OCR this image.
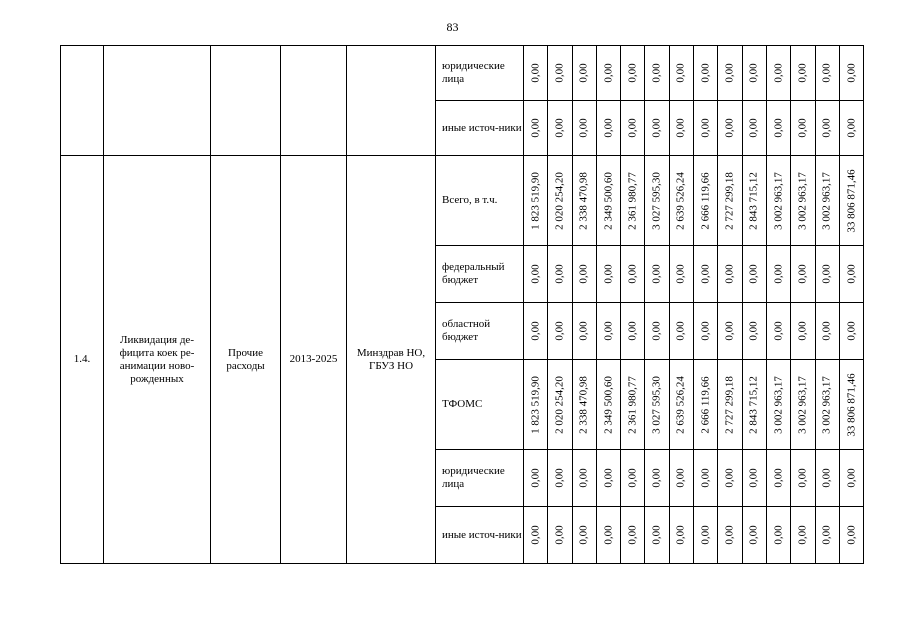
83
					юридические лица	0,00	0,00	0,00	0,00	0,00	0,00	0,00	0,00	0,00	0,00	0,00	0,00	0,00	0,00

					иные источ-ники	0,00	0,00	0,00	0,00	0,00	0,00	0,00	0,00	0,00	0,00	0,00	0,00	0,00	0,00

1.4.	Ликвидация де-фицита коек ре-анимации ново-рожденных	Прочие расходы	2013-2025	Минздрав НО, ГБУЗ НО	Всего, в т.ч.	1 823 519,90	2 020 254,20	2 338 470,98	2 349 500,60	2 361 980,77	3 027 595,30	2 639 526,24	2 666 119,66	2 727 299,18	2 843 715,12	3 002 963,17	3 002 963,17	3 002 963,17	33 806 871,46

					федеральный бюджет	0,00	0,00	0,00	0,00	0,00	0,00	0,00	0,00	0,00	0,00	0,00	0,00	0,00	0,00

					областной бюджет	0,00	0,00	0,00	0,00	0,00	0,00	0,00	0,00	0,00	0,00	0,00	0,00	0,00	0,00

					ТФОМС	1 823 519,90	2 020 254,20	2 338 470,98	2 349 500,60	2 361 980,77	3 027 595,30	2 639 526,24	2 666 119,66	2 727 299,18	2 843 715,12	3 002 963,17	3 002 963,17	3 002 963,17	33 806 871,46

					юридические лица	0,00	0,00	0,00	0,00	0,00	0,00	0,00	0,00	0,00	0,00	0,00	0,00	0,00	0,00

					иные источ-ники	0,00	0,00	0,00	0,00	0,00	0,00	0,00	0,00	0,00	0,00	0,00	0,00	0,00	0,00
